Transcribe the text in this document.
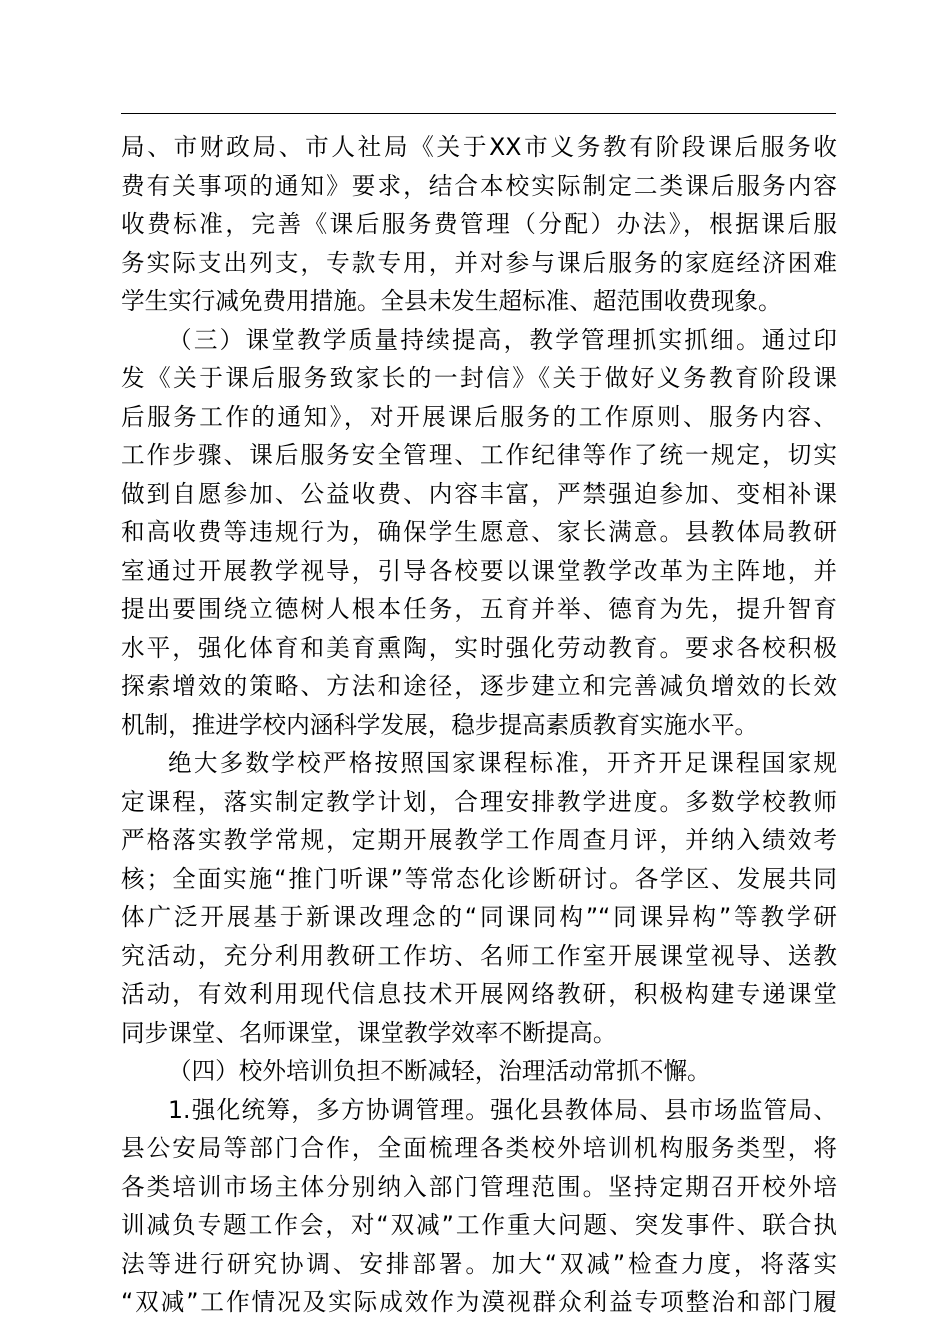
局、市财政局、市人社局《关于XX市义务教有阶段课后服务收
费有关事项的通知》要求，结合本校实际制定二类课后服务内容
收费标准，完善《课后服务费管理（分配）办法》，根据课后服
务实际支出列支，专款专用，并对参与课后服务的家庭经济困难
学生实行减免费用措施。全县未发生超标准、超范围收费现象。
（三）课堂教学质量持续提高，教学管理抓实抓细。通过印
发《关于课后服务致家长的一封信》《关于做好义务教育阶段课
后服务工作的通知》，对开展课后服务的工作原则、服务内容、
工作步骤、课后服务安全管理、工作纪律等作了统一规定，切实
做到自愿参加、公益收费、内容丰富，严禁强迫参加、变相补课
和高收费等违规行为，确保学生愿意、家长满意。县教体局教研
室通过开展教学视导，引导各校要以课堂教学改革为主阵地，并
提出要围绕立德树人根本任务，五育并举、德育为先，提升智育
水平，强化体育和美育熏陶，实时强化劳动教育。要求各校积极
探索增效的策略、方法和途径，逐步建立和完善减负增效的长效
机制，推进学校内涵科学发展，稳步提高素质教育实施水平。
绝大多数学校严格按照国家课程标准，开齐开足课程国家规
定课程，落实制定教学计划，合理安排教学进度。多数学校教师
严格落实教学常规，定期开展教学工作周查月评，并纳入绩效考
核；全面实施“推门听课”等常态化诊断研讨。各学区、发展共同
体广泛开展基于新课改理念的“同课同构”“同课异构”等教学研
究活动，充分利用教研工作坊、名师工作室开展课堂视导、送教
活动，有效利用现代信息技术开展网络教研，积极构建专递课堂
同步课堂、名师课堂，课堂教学效率不断提高。
（四）校外培训负担不断减轻，治理活动常抓不懈。
1.强化统筹，多方协调管理。强化县教体局、县市场监管局、
县公安局等部门合作，全面梳理各类校外培训机构服务类型，将
各类培训市场主体分别纳入部门管理范围。坚持定期召开校外培
训减负专题工作会，对“双减”工作重大问题、突发事件、联合执
法等进行研究协调、安排部署。加大“双减”检查力度，将落实
“双减”工作情况及实际成效作为漠视群众利益专项整治和部门履
